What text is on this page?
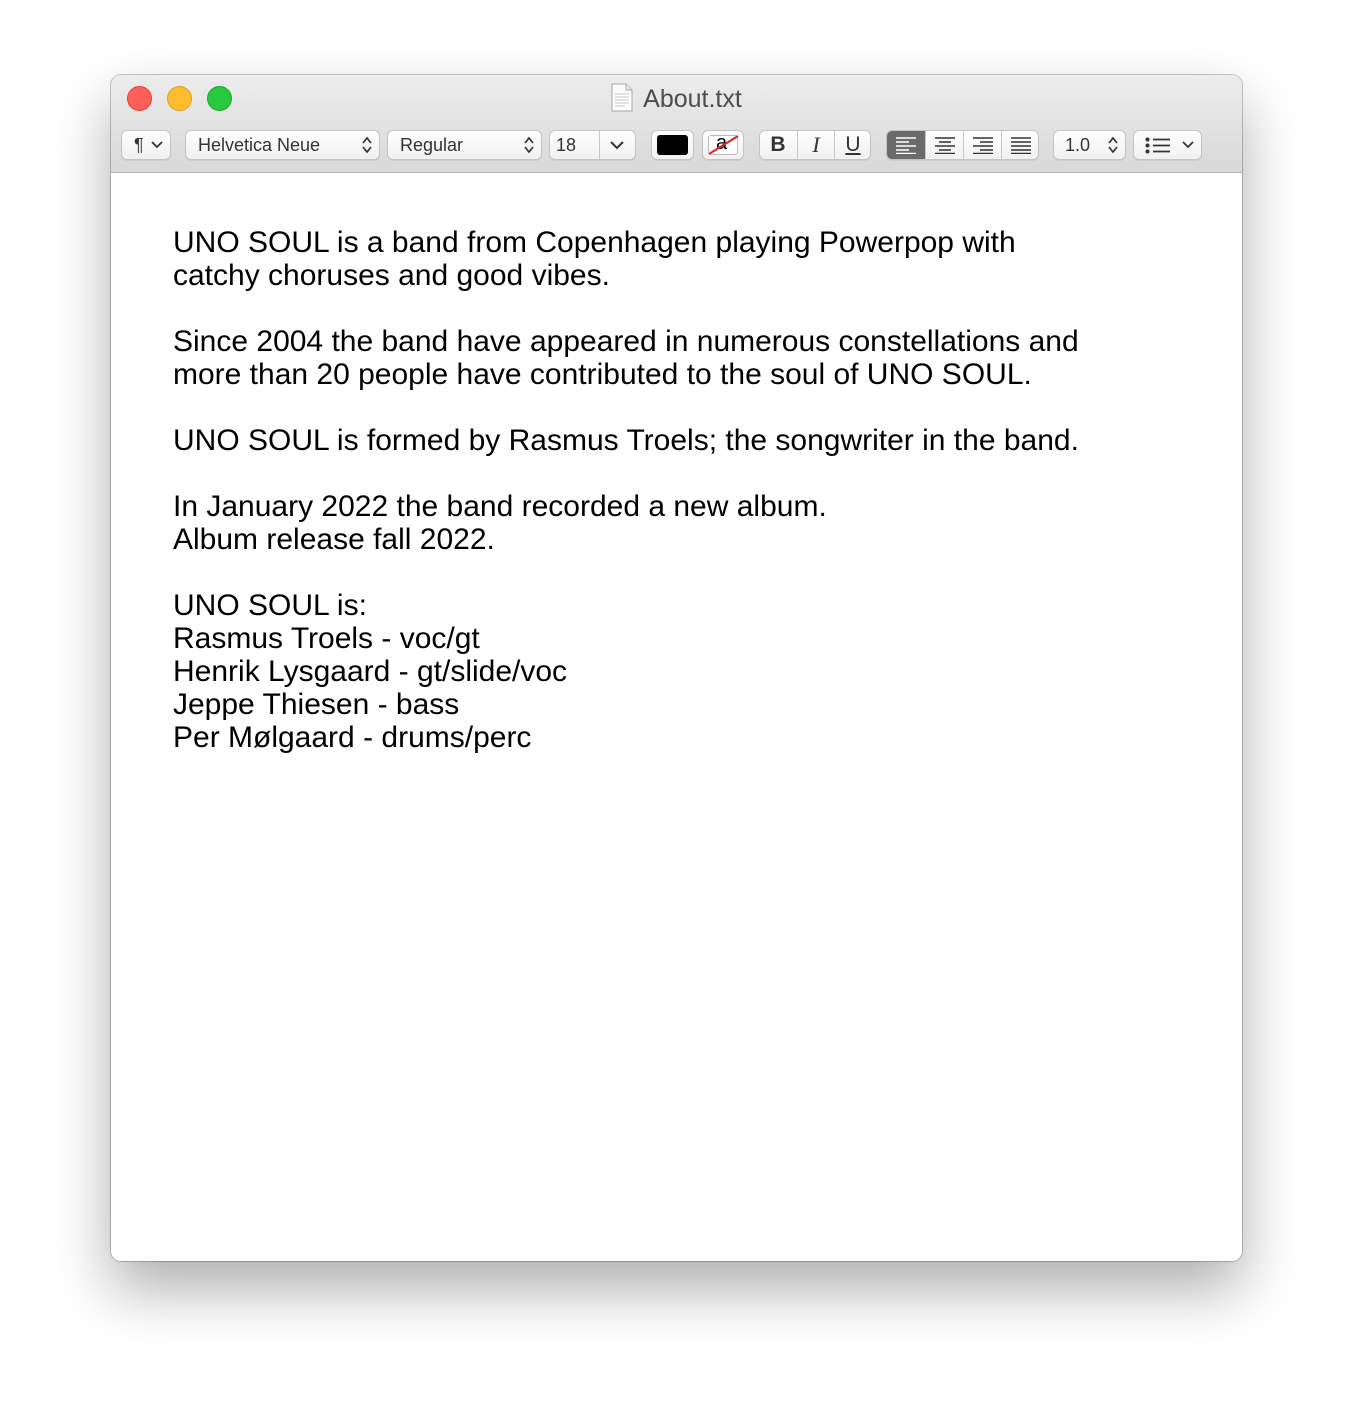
About.txt
¶	Helvetica Neue	Regular	18	a	B	I	U	1.0
UNO SOUL is a band from Copenhagen playing Powerpop with
catchy choruses and good vibes.
Since 2004 the band have appeared in numerous constellations and
more than 20 people have contributed to the soul of UNO SOUL.
UNO SOUL is formed by Rasmus Troels; the songwriter in the band.
In January 2022 the band recorded a new album.
Album release fall 2022.
UNO SOUL is:
Rasmus Troels - voc/gt
Henrik Lysgaard - gt/slide/voc
Jeppe Thiesen - bass
Per Mølgaard - drums/perc
